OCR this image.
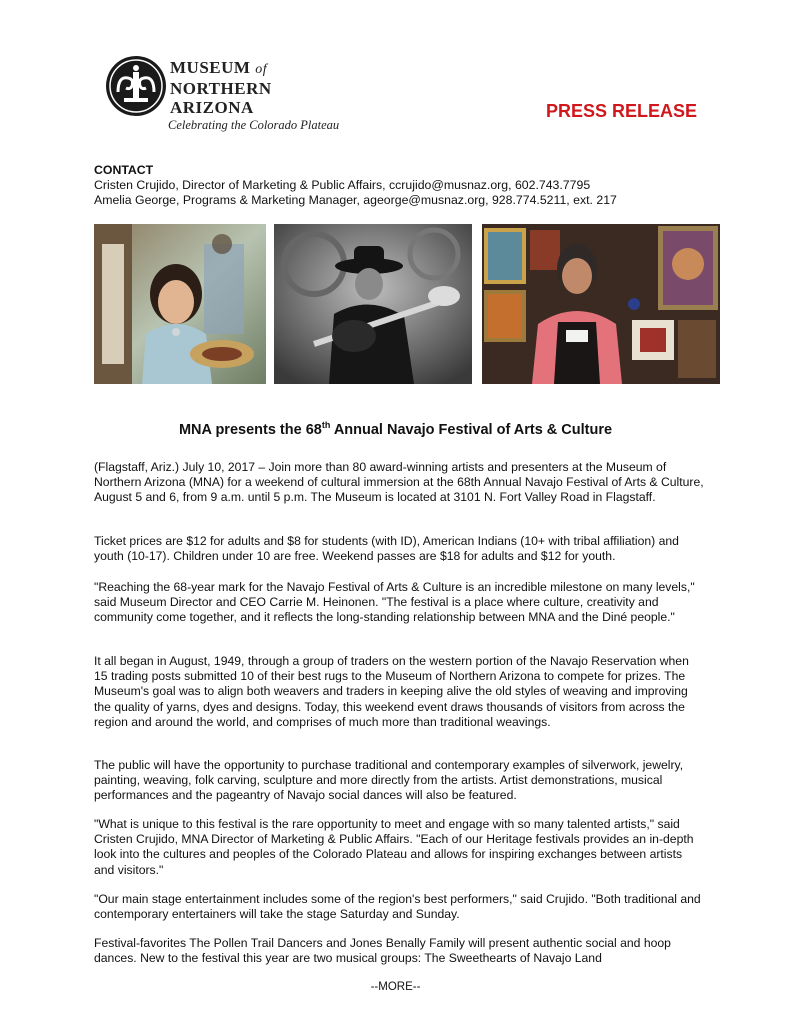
MUSEUM of
NORTHERN
ARIZONA
Celebrating the Colorado Plateau
PRESS RELEASE
CONTACT
Cristen Crujido, Director of Marketing & Public Affairs, ccrujido@musnaz.org, 602.743.7795
Amelia George, Programs & Marketing Manager, ageorge@musnaz.org, 928.774.5211, ext. 217
MNA presents the 68th Annual Navajo Festival of Arts & Culture

(Flagstaff, Ariz.) July 10, 2017 – Join more than 80 award-winning artists and presenters at the Museum of Northern Arizona (MNA) for a weekend of cultural immersion at the 68th Annual Navajo Festival of Arts & Culture, August 5 and 6, from 9 a.m. until 5 p.m. The Museum is located at 3101 N. Fort Valley Road in Flagstaff.

Ticket prices are $12 for adults and $8 for students (with ID), American Indians (10+ with tribal affiliation) and youth (10-17). Children under 10 are free. Weekend passes are $18 for adults and $12 for youth.

"Reaching the 68-year mark for the Navajo Festival of Arts & Culture is an incredible milestone on many levels," said Museum Director and CEO Carrie M. Heinonen. "The festival is a place where culture, creativity and community come together, and it reflects the long-standing relationship between MNA and the Diné people."

It all began in August, 1949, through a group of traders on the western portion of the Navajo Reservation when 15 trading posts submitted 10 of their best rugs to the Museum of Northern Arizona to compete for prizes. The Museum's goal was to align both weavers and traders in keeping alive the old styles of weaving and improving the quality of yarns, dyes and designs. Today, this weekend event draws thousands of visitors from across the region and around the world, and comprises of much more than traditional weavings.

The public will have the opportunity to purchase traditional and contemporary examples of silverwork, jewelry, painting, weaving, folk carving, sculpture and more directly from the artists. Artist demonstrations, musical performances and the pageantry of Navajo social dances will also be featured.

"What is unique to this festival is the rare opportunity to meet and engage with so many talented artists," said Cristen Crujido, MNA Director of Marketing & Public Affairs. "Each of our Heritage festivals provides an in-depth look into the cultures and peoples of the Colorado Plateau and allows for inspiring exchanges between artists and visitors."

"Our main stage entertainment includes some of the region's best performers," said Crujido. "Both traditional and contemporary entertainers will take the stage Saturday and Sunday.

Festival-favorites The Pollen Trail Dancers and Jones Benally Family will present authentic social and hoop dances. New to the festival this year are two musical groups: The Sweethearts of Navajo Land

--MORE--
